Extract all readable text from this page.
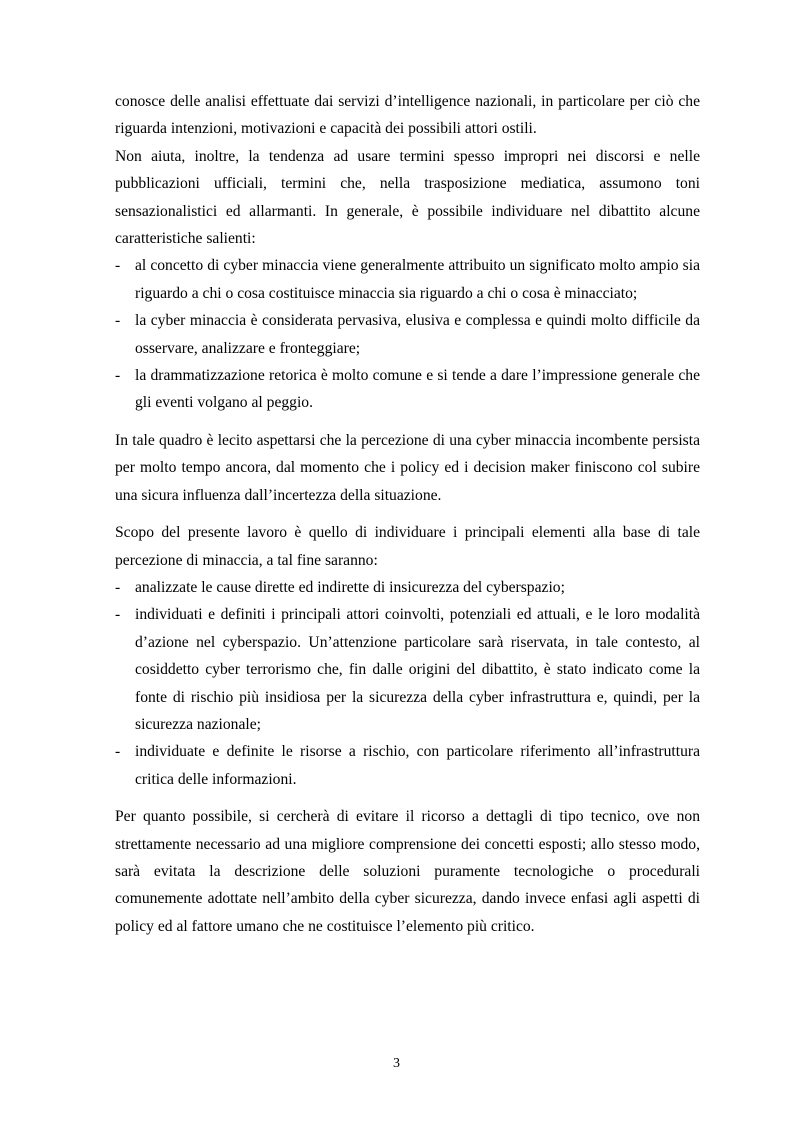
conosce delle analisi effettuate dai servizi d’intelligence nazionali, in particolare per ciò che riguarda intenzioni, motivazioni e capacità dei possibili attori ostili.

Non aiuta, inoltre, la tendenza ad usare termini spesso impropri nei discorsi e nelle pubblicazioni ufficiali, termini che, nella trasposizione mediatica, assumono toni sensazionalistici ed allarmanti. In generale, è possibile individuare nel dibattito alcune caratteristiche salienti:

- al concetto di cyber minaccia viene generalmente attribuito un significato molto ampio sia riguardo a chi o cosa costituisce minaccia sia riguardo a chi o cosa è minacciato;
- la cyber minaccia è considerata pervasiva, elusiva e complessa e quindi molto difficile da osservare, analizzare e fronteggiare;
- la drammatizzazione retorica è molto comune e si tende a dare l’impressione generale che gli eventi volgano al peggio.

In tale quadro è lecito aspettarsi che la percezione di una cyber minaccia incombente persista per molto tempo ancora, dal momento che i policy ed i decision maker finiscono col subire una sicura influenza dall’incertezza della situazione.

Scopo del presente lavoro è quello di individuare i principali elementi alla base di tale percezione di minaccia, a tal fine saranno:

- analizzate le cause dirette ed indirette di insicurezza del cyberspazio;
- individuati e definiti i principali attori coinvolti, potenziali ed attuali, e le loro modalità d’azione nel cyberspazio. Un’attenzione particolare sarà riservata, in tale contesto, al cosiddetto cyber terrorismo che, fin dalle origini del dibattito, è stato indicato come la fonte di rischio più insidiosa per la sicurezza della cyber infrastruttura e, quindi, per la sicurezza nazionale;
- individuate e definite le risorse a rischio, con particolare riferimento all’infrastruttura critica delle informazioni.

Per quanto possibile, si cercherà di evitare il ricorso a dettagli di tipo tecnico, ove non strettamente necessario ad una migliore comprensione dei concetti esposti; allo stesso modo, sarà evitata la descrizione delle soluzioni puramente tecnologiche o procedurali comunemente adottate nell’ambito della cyber sicurezza, dando invece enfasi agli aspetti di policy ed al fattore umano che ne costituisce l’elemento più critico.

3
